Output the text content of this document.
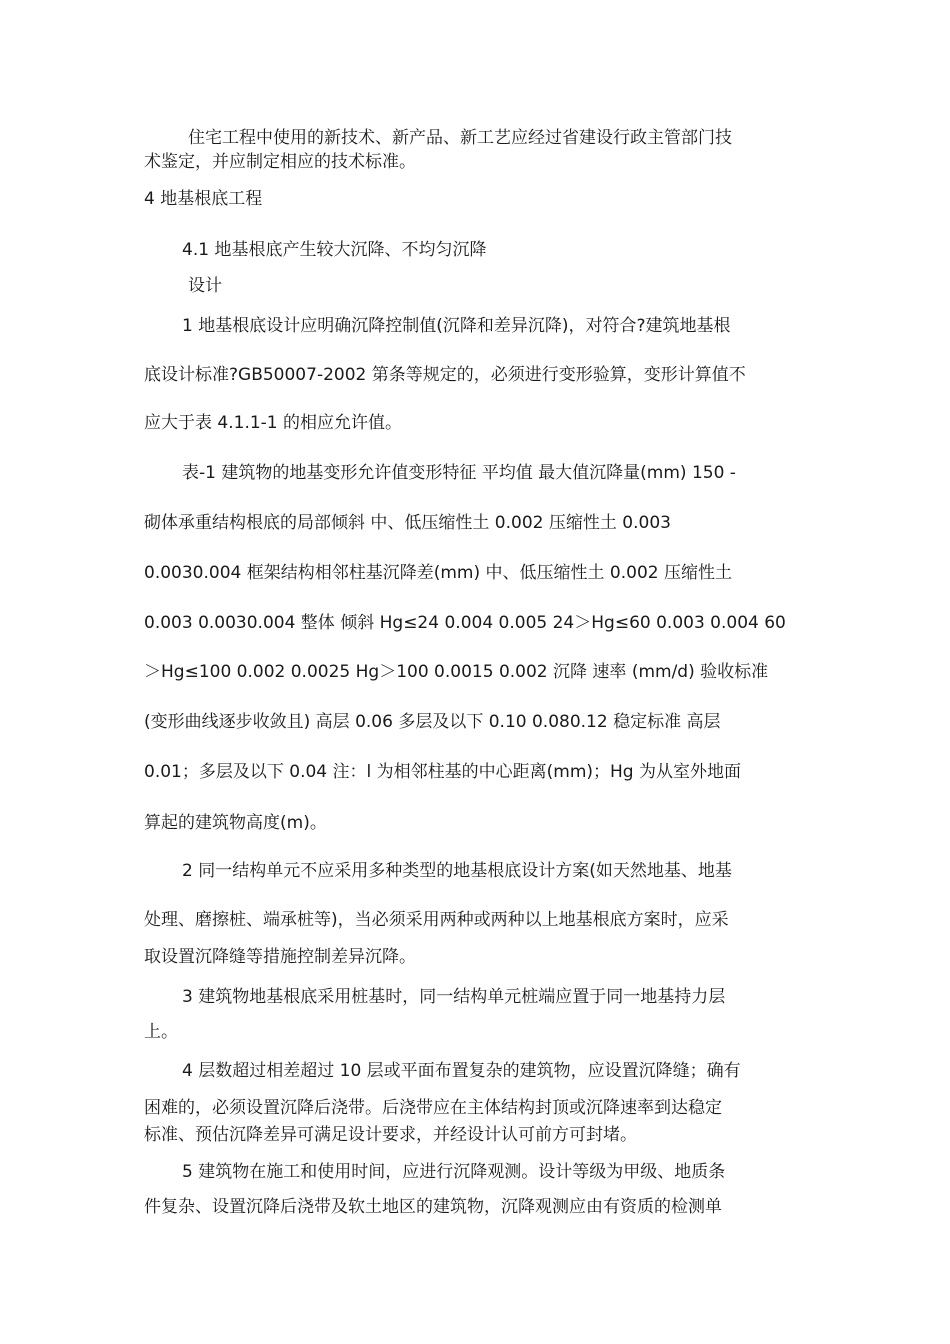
住宅工程中使用的新技术、新产品、新工艺应经过省建设行政主管部门技
术鉴定，并应制定相应的技术标准。
4 地基根底工程
4.1 地基根底产生较大沉降、不均匀沉降
设计
1 地基根底设计应明确沉降控制值(沉降和差异沉降)，对符合?建筑地基根
底设计标准?GB50007-2002 第条等规定的，必须进行变形验算，变形计算值不
应大于表 4.1.1-1 的相应允许值。
表-1 建筑物的地基变形允许值变形特征 平均值 最大值沉降量(mm) 150 -
砌体承重结构根底的局部倾斜 中、低压缩性土 0.002 压缩性土 0.003
0.0030.004 框架结构相邻柱基沉降差(mm) 中、低压缩性土 0.002 压缩性土
0.003 0.0030.004 整体 倾斜 Hg≤24 0.004 0.005 24＞Hg≤60 0.003 0.004 60
＞Hg≤100 0.002 0.0025 Hg＞100 0.0015 0.002 沉降 速率 (mm/d) 验收标准
(变形曲线逐步收敛且) 高层 0.06 多层及以下 0.10 0.080.12 稳定标准 高层
0.01；多层及以下 0.04 注：l 为相邻柱基的中心距离(mm)；Hg 为从室外地面
算起的建筑物高度(m)。
2 同一结构单元不应采用多种类型的地基根底设计方案(如天然地基、地基
处理、磨擦桩、端承桩等)，当必须采用两种或两种以上地基根底方案时，应采
取设置沉降缝等措施控制差异沉降。
3 建筑物地基根底采用桩基时，同一结构单元桩端应置于同一地基持力层
上。
4 层数超过相差超过 10 层或平面布置复杂的建筑物，应设置沉降缝；确有
困难的，必须设置沉降后浇带。后浇带应在主体结构封顶或沉降速率到达稳定
标准、预估沉降差异可满足设计要求，并经设计认可前方可封堵。
5 建筑物在施工和使用时间，应进行沉降观测。设计等级为甲级、地质条
件复杂、设置沉降后浇带及软土地区的建筑物，沉降观测应由有资质的检测单
